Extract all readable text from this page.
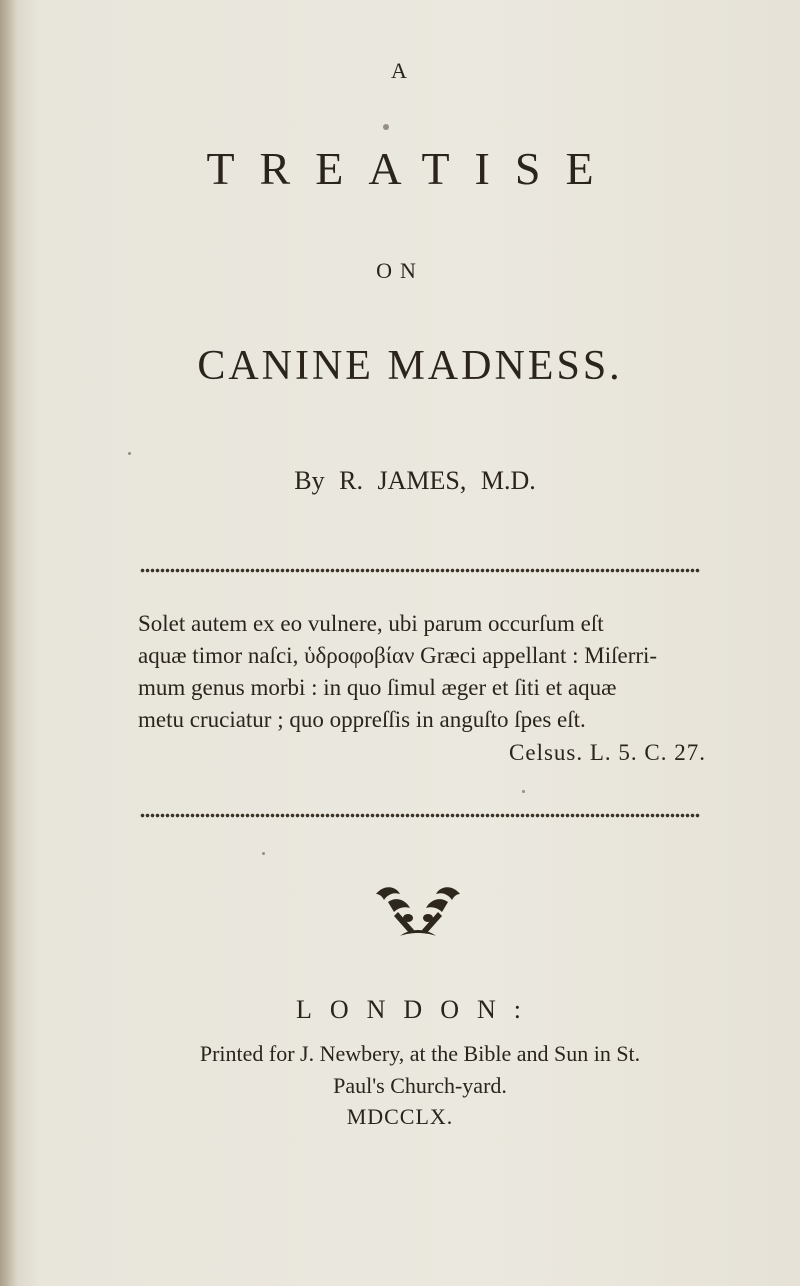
A
TREATISE
ON
CANINE MADNESS.
By R. JAMES, M.D.
Solet autem ex eo vulnere, ubi parum occurſum eſt
aquæ timor naſci, ὑδροφοβίαν Græci appellant : Miſerri-
mum genus morbi : in quo ſimul æger et ſiti et aquæ
metu cruciatur ; quo oppreſſis in anguſto ſpes eſt.
Celsus. L. 5. C. 27.
LONDON:
Printed for J. Newbery, at the Bible and Sun in St.
Paul's Church-yard.
MDCCLX.
